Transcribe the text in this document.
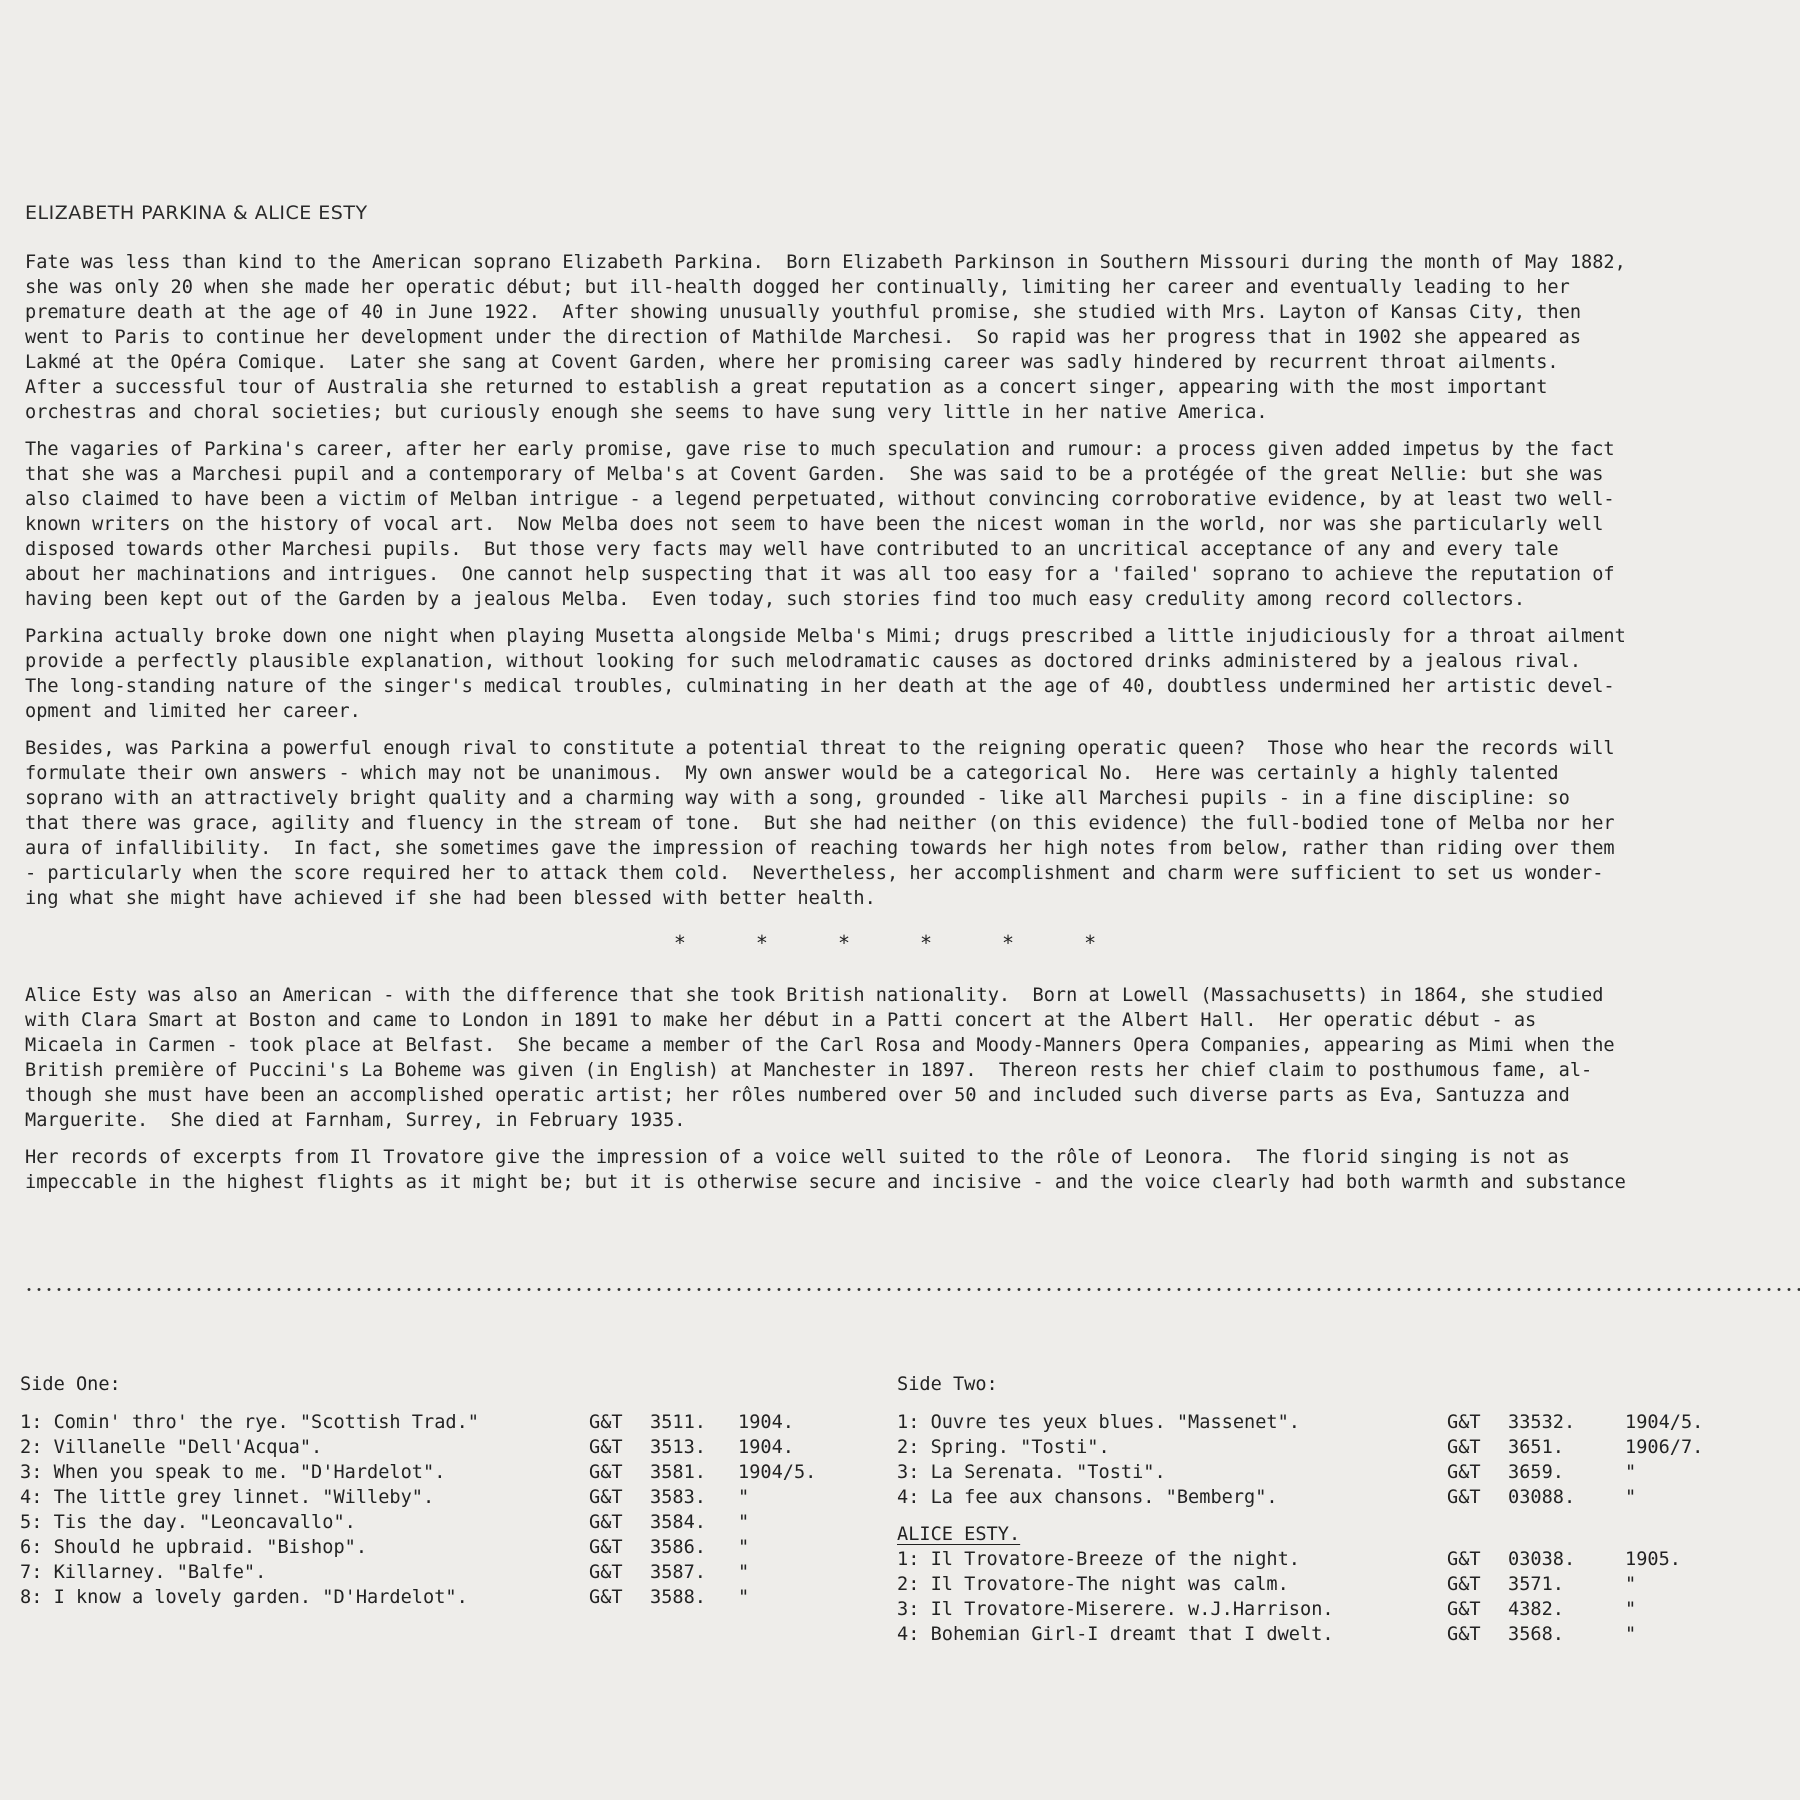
ELIZABETH PARKINA & ALICE ESTY

Fate was less than kind to the American soprano Elizabeth Parkina.  Born Elizabeth Parkinson in Southern Missouri during the month of May 1882,
she was only 20 when she made her operatic début; but ill-health dogged her continually, limiting her career and eventually leading to her
premature death at the age of 40 in June 1922.  After showing unusually youthful promise, she studied with Mrs. Layton of Kansas City, then
went to Paris to continue her development under the direction of Mathilde Marchesi.  So rapid was her progress that in 1902 she appeared as
Lakmé at the Opéra Comique.  Later she sang at Covent Garden, where her promising career was sadly hindered by recurrent throat ailments.
After a successful tour of Australia she returned to establish a great reputation as a concert singer, appearing with the most important
orchestras and choral societies; but curiously enough she seems to have sung very little in her native America.

The vagaries of Parkina's career, after her early promise, gave rise to much speculation and rumour: a process given added impetus by the fact
that she was a Marchesi pupil and a contemporary of Melba's at Covent Garden.  She was said to be a protégée of the great Nellie: but she was
also claimed to have been a victim of Melban intrigue - a legend perpetuated, without convincing corroborative evidence, by at least two well-
known writers on the history of vocal art.  Now Melba does not seem to have been the nicest woman in the world, nor was she particularly well
disposed towards other Marchesi pupils.  But those very facts may well have contributed to an uncritical acceptance of any and every tale
about her machinations and intrigues.  One cannot help suspecting that it was all too easy for a 'failed' soprano to achieve the reputation of
having been kept out of the Garden by a jealous Melba.  Even today, such stories find too much easy credulity among record collectors.

Parkina actually broke down one night when playing Musetta alongside Melba's Mimi; drugs prescribed a little injudiciously for a throat ailment
provide a perfectly plausible explanation, without looking for such melodramatic causes as doctored drinks administered by a jealous rival.
The long-standing nature of the singer's medical troubles, culminating in her death at the age of 40, doubtless undermined her artistic devel-
opment and limited her career.

Besides, was Parkina a powerful enough rival to constitute a potential threat to the reigning operatic queen?  Those who hear the records will
formulate their own answers - which may not be unanimous.  My own answer would be a categorical No.  Here was certainly a highly talented
soprano with an attractively bright quality and a charming way with a song, grounded - like all Marchesi pupils - in a fine discipline: so
that there was grace, agility and fluency in the stream of tone.  But she had neither (on this evidence) the full-bodied tone of Melba nor her
aura of infallibility.  In fact, she sometimes gave the impression of reaching towards her high notes from below, rather than riding over them
- particularly when the score required her to attack them cold.  Nevertheless, her accomplishment and charm were sufficient to set us wonder-
ing what she might have achieved if she had been blessed with better health.

*	*	*	*	*	*

Alice Esty was also an American - with the difference that she took British nationality.  Born at Lowell (Massachusetts) in 1864, she studied
with Clara Smart at Boston and came to London in 1891 to make her début in a Patti concert at the Albert Hall.  Her operatic début - as
Micaela in Carmen - took place at Belfast.  She became a member of the Carl Rosa and Moody-Manners Opera Companies, appearing as Mimi when the
British première of Puccini's La Boheme was given (in English) at Manchester in 1897.  Thereon rests her chief claim to posthumous fame, al-
though she must have been an accomplished operatic artist; her rôles numbered over 50 and included such diverse parts as Eva, Santuzza and
Marguerite.  She died at Farnham, Surrey, in February 1935.

Her records of excerpts from Il Trovatore give the impression of a voice well suited to the rôle of Leonora.  The florid singing is not as
impeccable in the highest flights as it might be; but it is otherwise secure and incisive - and the voice clearly had both warmth and substance

Side One:
1: Comin' thro' the rye. "Scottish Trad."	G&T 3511. 1904.
2: Villanelle "Dell'Acqua".	G&T 3513. 1904.
3: When you speak to me. "D'Hardelot".	G&T 3581. 1904/5.
4: The little grey linnet. "Willeby".	G&T 3583. "
5: Tis the day. "Leoncavallo".	G&T 3584. "
6: Should he upbraid. "Bishop".	G&T 3586. "
7: Killarney. "Balfe".	G&T 3587. "
8: I know a lovely garden. "D'Hardelot".	G&T 3588. "
Side Two:
1: Ouvre tes yeux blues. "Massenet".	G&T 33532.	1904/5.
2: Spring. "Tosti".	G&T 3651.	1906/7.
3: La Serenata. "Tosti".	G&T 3659.	"
4: La fee aux chansons. "Bemberg".	G&T 03088.	"
ALICE ESTY.
1: Il Trovatore-Breeze of the night.	G&T 03038.	1905.
2: Il Trovatore-The night was calm.	G&T 3571.	"
3: Il Trovatore-Miserere. w.J.Harrison.	G&T 4382.	"
4: Bohemian Girl-I dreamt that I dwelt.	G&T 3568.	"
